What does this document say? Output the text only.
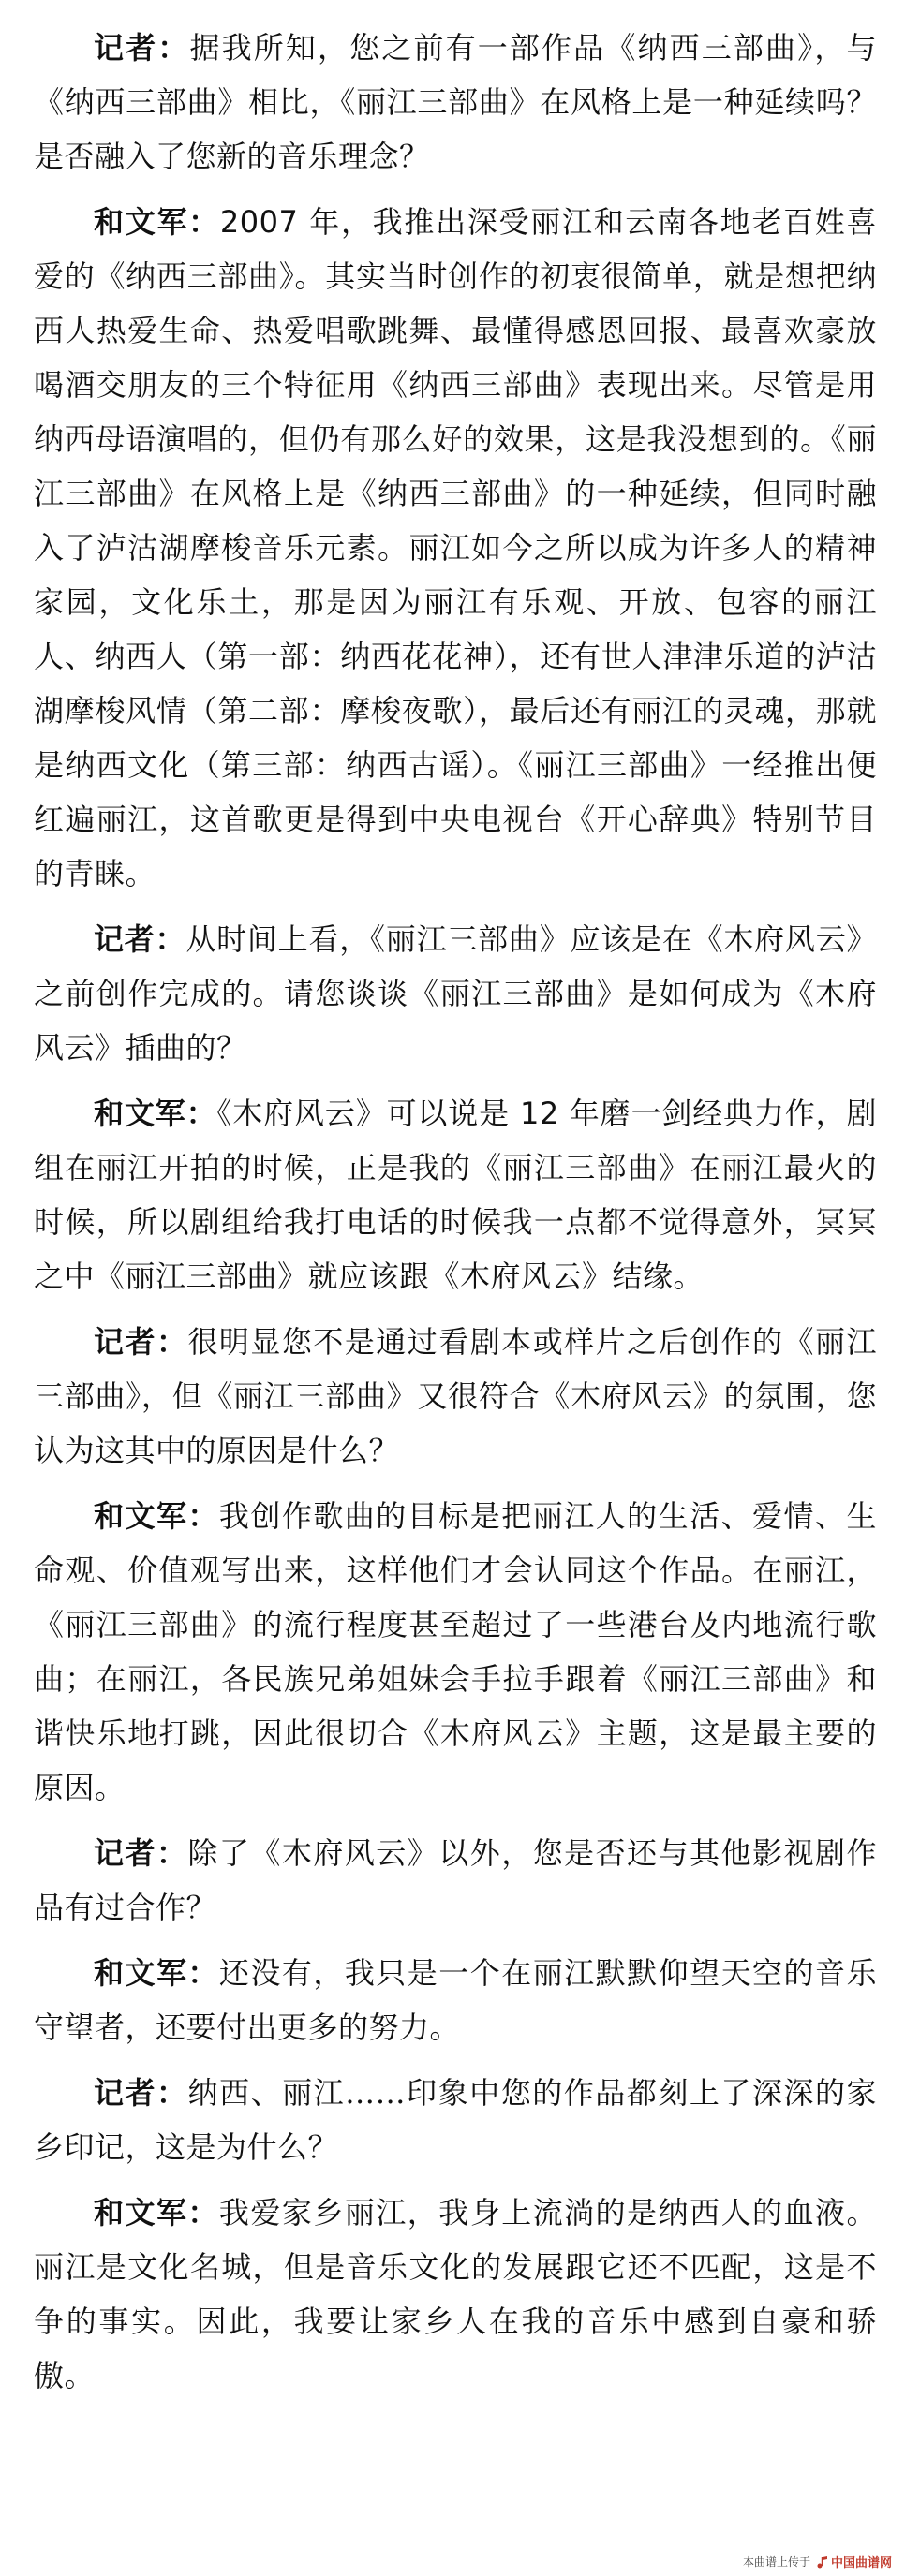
记者：据我所知，您之前有一部作品《纳西三部曲》，与《纳西三部曲》相比，《丽江三部曲》在风格上是一种延续吗？是否融入了您新的音乐理念？

和文军：2007 年，我推出深受丽江和云南各地老百姓喜爱的《纳西三部曲》。其实当时创作的初衷很简单，就是想把纳西人热爱生命、热爱唱歌跳舞、最懂得感恩回报、最喜欢豪放喝酒交朋友的三个特征用《纳西三部曲》表现出来。尽管是用纳西母语演唱的，但仍有那么好的效果，这是我没想到的。《丽江三部曲》在风格上是《纳西三部曲》的一种延续，但同时融入了泸沽湖摩梭音乐元素。丽江如今之所以成为许多人的精神家园，文化乐土，那是因为丽江有乐观、开放、包容的丽江人、纳西人（第一部：纳西花花神），还有世人津津乐道的泸沽湖摩梭风情（第二部：摩梭夜歌），最后还有丽江的灵魂，那就是纳西文化（第三部：纳西古谣）。《丽江三部曲》一经推出便红遍丽江，这首歌更是得到中央电视台《开心辞典》特别节目的青睐。

记者：从时间上看，《丽江三部曲》应该是在《木府风云》之前创作完成的。请您谈谈《丽江三部曲》是如何成为《木府风云》插曲的？

和文军：《木府风云》可以说是 12 年磨一剑经典力作，剧组在丽江开拍的时候，正是我的《丽江三部曲》在丽江最火的时候，所以剧组给我打电话的时候我一点都不觉得意外，冥冥之中《丽江三部曲》就应该跟《木府风云》结缘。

记者：很明显您不是通过看剧本或样片之后创作的《丽江三部曲》，但《丽江三部曲》又很符合《木府风云》的氛围，您认为这其中的原因是什么？

和文军：我创作歌曲的目标是把丽江人的生活、爱情、生命观、价值观写出来，这样他们才会认同这个作品。在丽江，《丽江三部曲》的流行程度甚至超过了一些港台及内地流行歌曲；在丽江，各民族兄弟姐妹会手拉手跟着《丽江三部曲》和谐快乐地打跳，因此很切合《木府风云》主题，这是最主要的原因。

记者：除了《木府风云》以外，您是否还与其他影视剧作品有过合作？

和文军：还没有，我只是一个在丽江默默仰望天空的音乐守望者，还要付出更多的努力。

记者：纳西、丽江……印象中您的作品都刻上了深深的家乡印记，这是为什么？

和文军：我爱家乡丽江，我身上流淌的是纳西人的血液。丽江是文化名城，但是音乐文化的发展跟它还不匹配，这是不争的事实。因此，我要让家乡人在我的音乐中感到自豪和骄傲。

本曲谱上传于 中国曲谱网
